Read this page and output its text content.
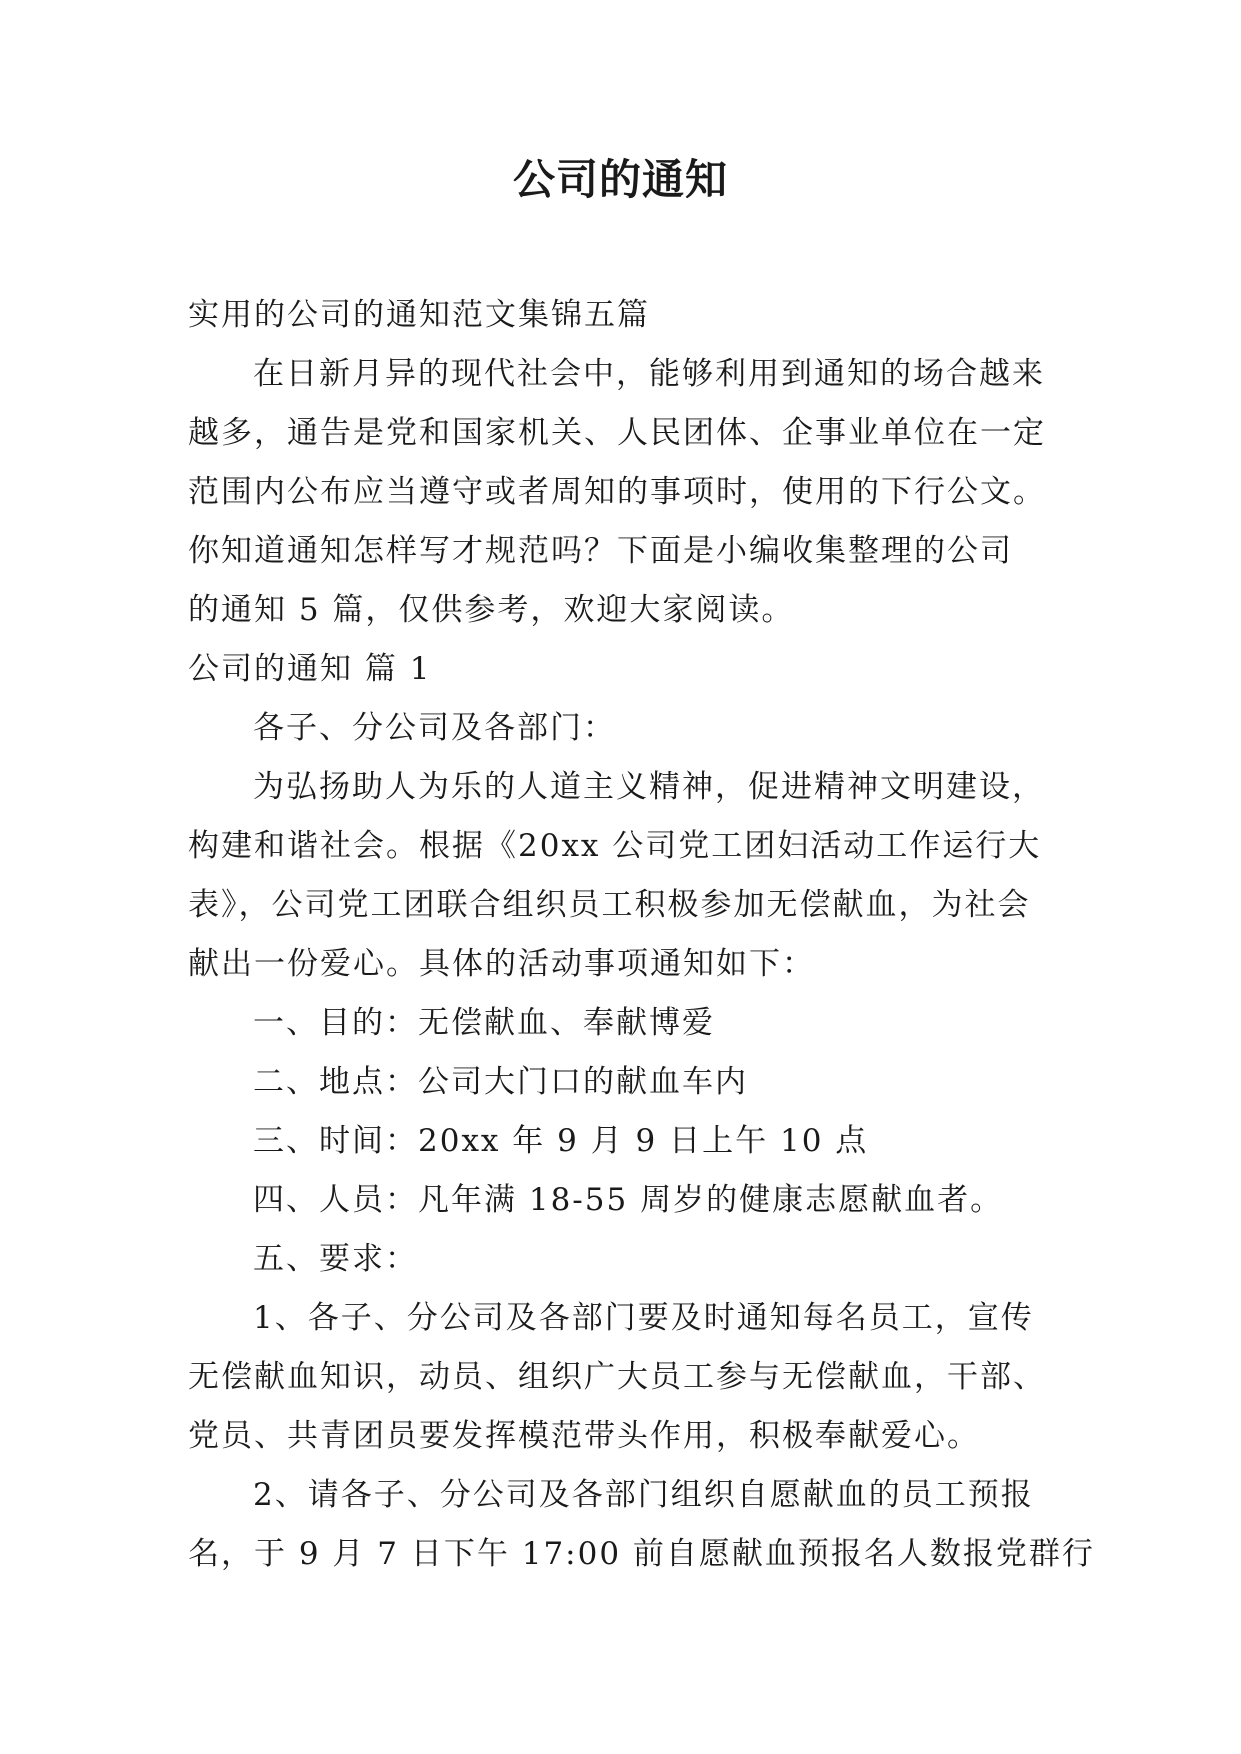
公司的通知
实用的公司的通知范文集锦五篇
在日新月异的现代社会中，能够利用到通知的场合越来
越多，通告是党和国家机关、人民团体、企事业单位在一定
范围内公布应当遵守或者周知的事项时，使用的下行公文。
你知道通知怎样写才规范吗？下面是小编收集整理的公司
的通知 5 篇，仅供参考，欢迎大家阅读。
公司的通知 篇 1
各子、分公司及各部门：
为弘扬助人为乐的人道主义精神，促进精神文明建设，
构建和谐社会。根据《20xx 公司党工团妇活动工作运行大
表》，公司党工团联合组织员工积极参加无偿献血，为社会
献出一份爱心。具体的活动事项通知如下：
一、目的：无偿献血、奉献博爱
二、地点：公司大门口的献血车内
三、时间：20xx 年 9 月 9 日上午 10 点
四、人员：凡年满 18-55 周岁的健康志愿献血者。
五、要求：
1、各子、分公司及各部门要及时通知每名员工，宣传
无偿献血知识，动员、组织广大员工参与无偿献血，干部、
党员、共青团员要发挥模范带头作用，积极奉献爱心。
2、请各子、分公司及各部门组织自愿献血的员工预报
名，于 9 月 7 日下午 17:00 前自愿献血预报名人数报党群行
